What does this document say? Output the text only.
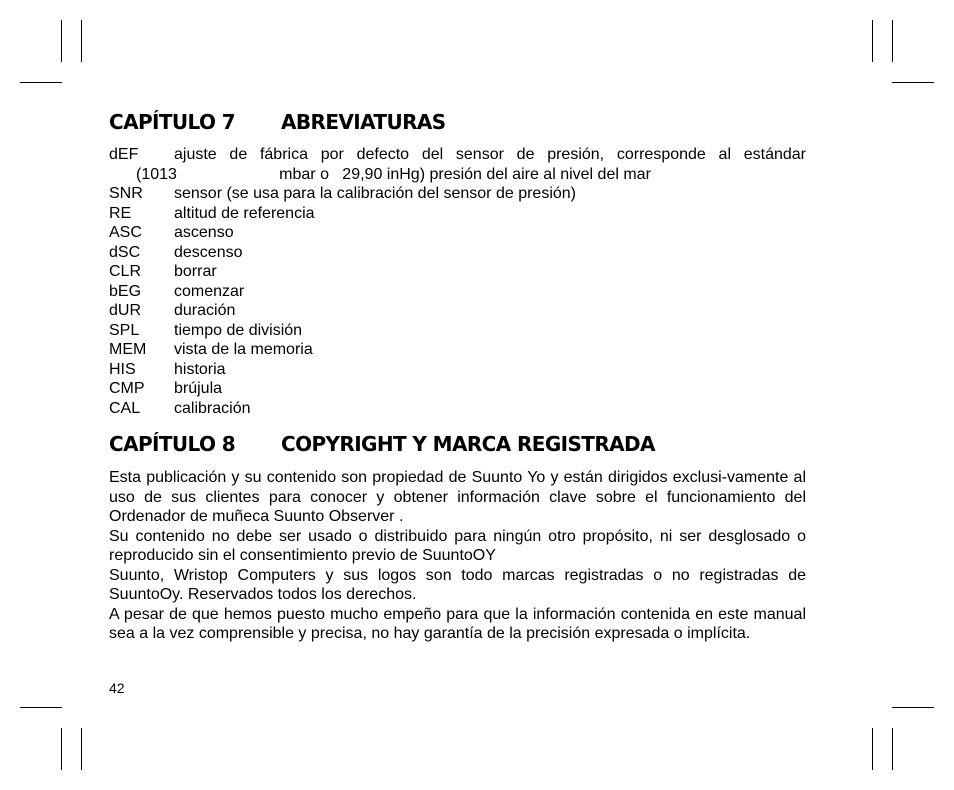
CAPÍTULO 7 ABREVIATURAS
dEF	ajuste de fábrica por defecto del sensor de presión, corresponde al estándar
(1013                       mbar o   29,90 inHg) presión del aire al nivel del mar
SNR	sensor (se usa para la calibración del sensor de presión)
RE	altitud de referencia
ASC	ascenso
dSC	descenso
CLR	borrar
bEG	comenzar
dUR	duración
SPL	tiempo de división
MEM	vista de la memoria
HIS	historia
CMP	brújula
CAL	calibración
CAPÍTULO 8 COPYRIGHT Y MARCA REGISTRADA

Esta publicación y su contenido son propiedad de Suunto Yo y están dirigidos exclusi-vamente al uso de sus clientes para conocer y obtener información clave sobre el funcionamiento del Ordenador de muñeca Suunto Observer .

Su contenido no debe ser usado o distribuido para ningún otro propósito, ni ser desglosado o reproducido sin el consentimiento previo de SuuntoOY

Suunto, Wristop Computers y sus logos son todo marcas registradas o no registradas de SuuntoOy. Reservados todos los derechos.

A pesar de que hemos puesto mucho empeño para que la información contenida en este manual sea a la vez comprensible y precisa, no hay garantía de la precisión expresada o implícita.

42
